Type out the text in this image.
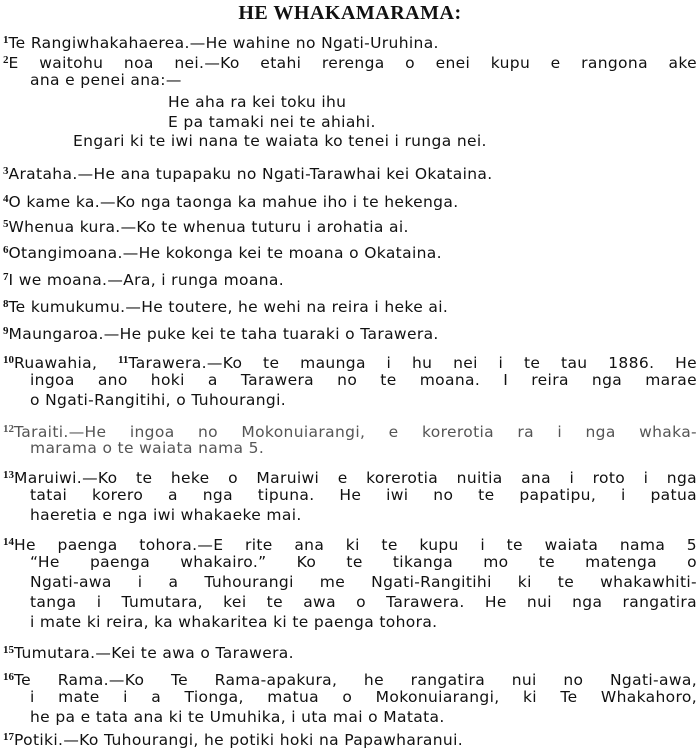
HE WHAKAMARAMA:
$^1$Te Rangiwhakahaerea.—He wahine no Ngati-Uruhina.
$^2$E waitohu noa nei.—Ko etahi rerenga o enei kupu e rangona ake
ana e penei ana:—
He aha ra kei toku ihu
E pa tamaki nei te ahiahi.
Engari ki te iwi nana te waiata ko tenei i runga nei.
$^3$Arataha.—He ana tupapaku no Ngati-Tarawhai kei Okataina.
$^4$O kame ka.—Ko nga taonga ka mahue iho i te hekenga.
$^5$Whenua kura.—Ko te whenua tuturu i arohatia ai.
$^6$Otangimoana.—He kokonga kei te moana o Okataina.
$^7$I we moana.—Ara, i runga moana.
$^8$Te kumukumu.—He toutere, he wehi na reira i heke ai.
$^9$Maungaroa.—He puke kei te taha tuaraki o Tarawera.
$^{10}$Ruawahia, $^{11}$Tarawera.—Ko te maunga i hu nei i te tau 1886. He
ingoa ano hoki a Tarawera no te moana. I reira nga marae
o Ngati-Rangitihi, o Tuhourangi.
$^{12}$Taraiti.—He ingoa no Mokonuiarangi, e korerotia ra i nga whaka-
marama o te waiata nama 5.
$^{13}$Maruiwi.—Ko te heke o Maruiwi e korerotia nuitia ana i roto i nga
tatai korero a nga tipuna. He iwi no te papatipu, i patua
haeretia e nga iwi whakaeke mai.
$^{14}$He paenga tohora.—E rite ana ki te kupu i te waiata nama 5
“He paenga whakairo.” Ko te tikanga mo te matenga o
Ngati-awa i a Tuhourangi me Ngati-Rangitihi ki te whakawhiti-
tanga i Tumutara, kei te awa o Tarawera. He nui nga rangatira
i mate ki reira, ka whakaritea ki te paenga tohora.
$^{15}$Tumutara.—Kei te awa o Tarawera.
$^{16}$Te Rama.—Ko Te Rama-apakura, he rangatira nui no Ngati-awa,
i mate i a Tionga, matua o Mokonuiarangi, ki Te Whakahoro,
he pa e tata ana ki te Umuhika, i uta mai o Matata.
$^{17}$Potiki.—Ko Tuhourangi, he potiki hoki na Papawharanui.
